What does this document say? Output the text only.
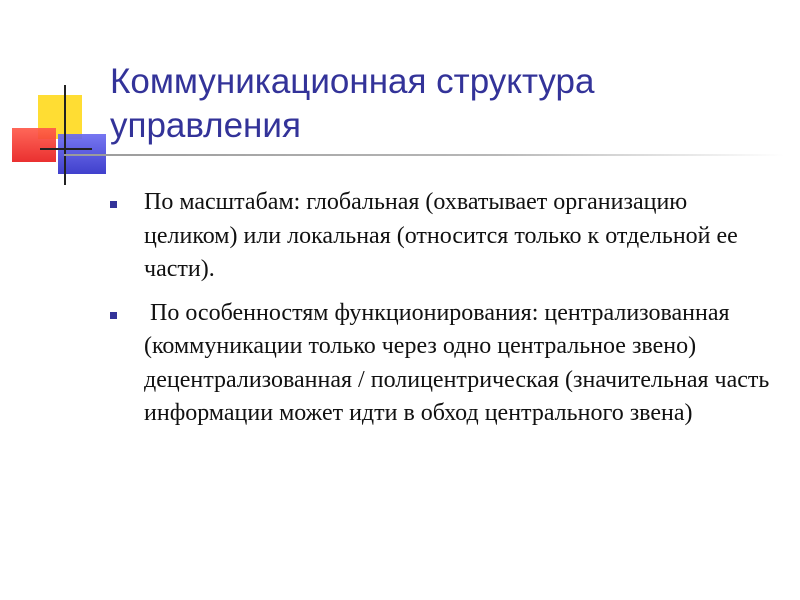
Коммуникационная структура управления
По масштабам: глобальная (охватывает организацию целиком) или локальная (относится только к отдельной ее части).
По особенностям функционирования: централизованная (коммуникации только через одно центральное звено) децентрализованная / полицентрическая (значительная часть информации может идти в обход центрального звена)
